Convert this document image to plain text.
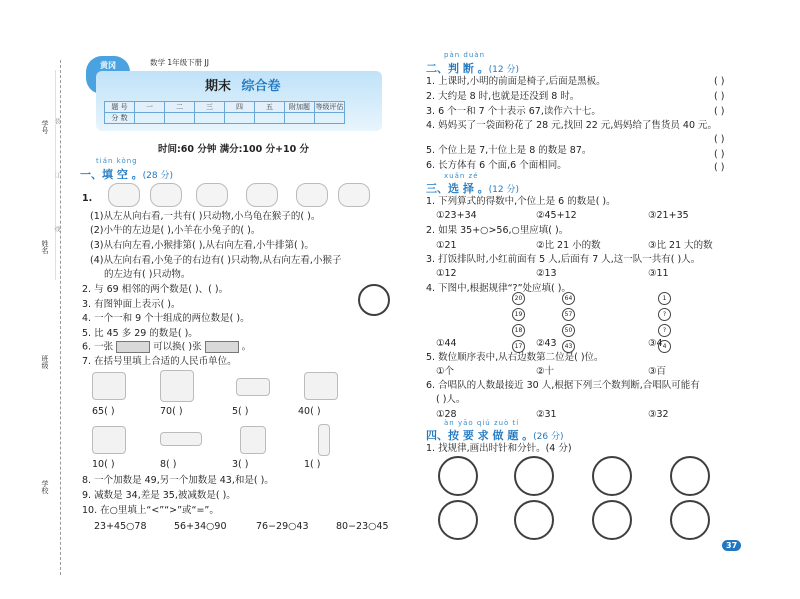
学号
姓名
班级
学校
……………………装……………………订……………………线……………………
黄冈	数学 1年级下册 JJ
期末 综合卷
题 号	一	二	三	四	五	附加题	等级评估
分 数							
时间:60 分钟 满分:100 分+10 分
tián kòng
一、填 空 。(28 分)
1.
(1)从左从向右看,一共有( )只动物,小乌龟在猴子的( )。
(2)小牛的左边是( ),小羊在小兔子的( )。
(3)从右向左看,小猴排第( ),从右向左看,小牛排第( )。
(4)从左向右看,小兔子的右边有( )只动物,从右向左看,小猴子
的左边有( )只动物。
2. 与 69 相邻的两个数是( )、( )。
3. 有图钟面上表示( )。
4. 一个一和 9 个十组成的两位数是( )。
5. 比 45 多 29 的数是( )。
6. 一张	可以换( )张	。
7. 在括号里填上合适的人民币单位。
65( )	70( )	5( )	40( )
10( )	8( )	3( )	1( )
8. 一个加数是 49,另一个加数是 43,和是( )。
9. 减数是 34,差是 35,被减数是( )。
10. 在○里填上“<”“>”或“=”。
23+45○78	56+34○90	76−29○43	80−23○45
pàn duàn
二、判 断 。(12 分)
1. 上课时,小明的前面是椅子,后面是黑板。	( )
2. 大约是 8 时,也就是还没到 8 时。	( )
3. 6 个一和 7 个十表示 67,读作六十七。	( )
4. 妈妈买了一袋面粉花了 28 元,找回 22 元,妈妈给了售货员 40 元。
( )
5. 个位上是 7,十位上是 8 的数是 87。	( )
6. 长方体有 6 个面,6 个面相同。	( )
xuǎn zé
三、选 择 。(12 分)
1. 下列算式的得数中,个位上是 6 的数是( )。
①23+34	②45+12	③21+35
2. 如果 35+○>56,○里应填( )。
①21	②比 21 小的数	③比 21 大的数
3. 打饭排队时,小红前面有 5 人,后面有 7 人,这一队一共有( )人。
①12	②13	③11
4. 下图中,根据规律“?”处应填( )。
20
19
18
17
64
57
50
43
1
?
?
4
①44	②43	③4
5. 数位顺序表中,从右边数第二位是( )位。
①个	②十	③百
6. 合唱队的人数最接近 30 人,根据下列三个数判断,合唱队可能有
( )人。
①28	②31	③32
àn yāo qiú zuò tí
四、按 要 求 做 题 。(26 分)
1. 找规律,画出时针和分针。(4 分)
37
